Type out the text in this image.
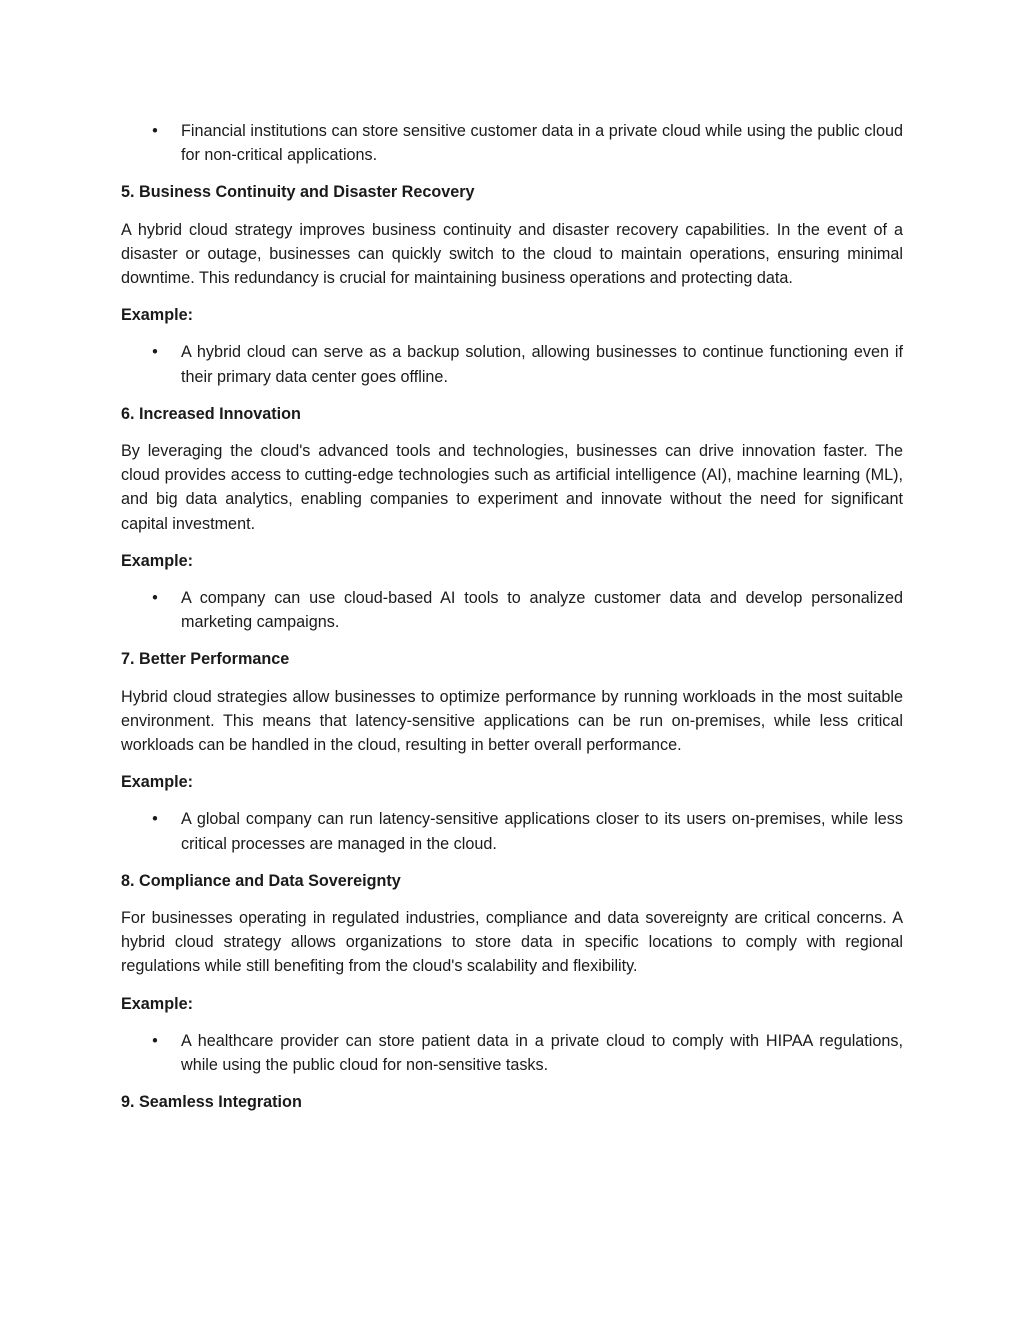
• Financial institutions can store sensitive customer data in a private cloud while using the public cloud for non-critical applications.
5. Business Continuity and Disaster Recovery

A hybrid cloud strategy improves business continuity and disaster recovery capabilities. In the event of a disaster or outage, businesses can quickly switch to the cloud to maintain operations, ensuring minimal downtime. This redundancy is crucial for maintaining business operations and protecting data.

Example:
• A hybrid cloud can serve as a backup solution, allowing businesses to continue functioning even if their primary data center goes offline.
6. Increased Innovation

By leveraging the cloud's advanced tools and technologies, businesses can drive innovation faster. The cloud provides access to cutting-edge technologies such as artificial intelligence (AI), machine learning (ML), and big data analytics, enabling companies to experiment and innovate without the need for significant capital investment.

Example:
• A company can use cloud-based AI tools to analyze customer data and develop personalized marketing campaigns.
7. Better Performance

Hybrid cloud strategies allow businesses to optimize performance by running workloads in the most suitable environment. This means that latency-sensitive applications can be run on-premises, while less critical workloads can be handled in the cloud, resulting in better overall performance.

Example:
• A global company can run latency-sensitive applications closer to its users on-premises, while less critical processes are managed in the cloud.
8. Compliance and Data Sovereignty

For businesses operating in regulated industries, compliance and data sovereignty are critical concerns. A hybrid cloud strategy allows organizations to store data in specific locations to comply with regional regulations while still benefiting from the cloud's scalability and flexibility.

Example:
• A healthcare provider can store patient data in a private cloud to comply with HIPAA regulations, while using the public cloud for non-sensitive tasks.
9. Seamless Integration
